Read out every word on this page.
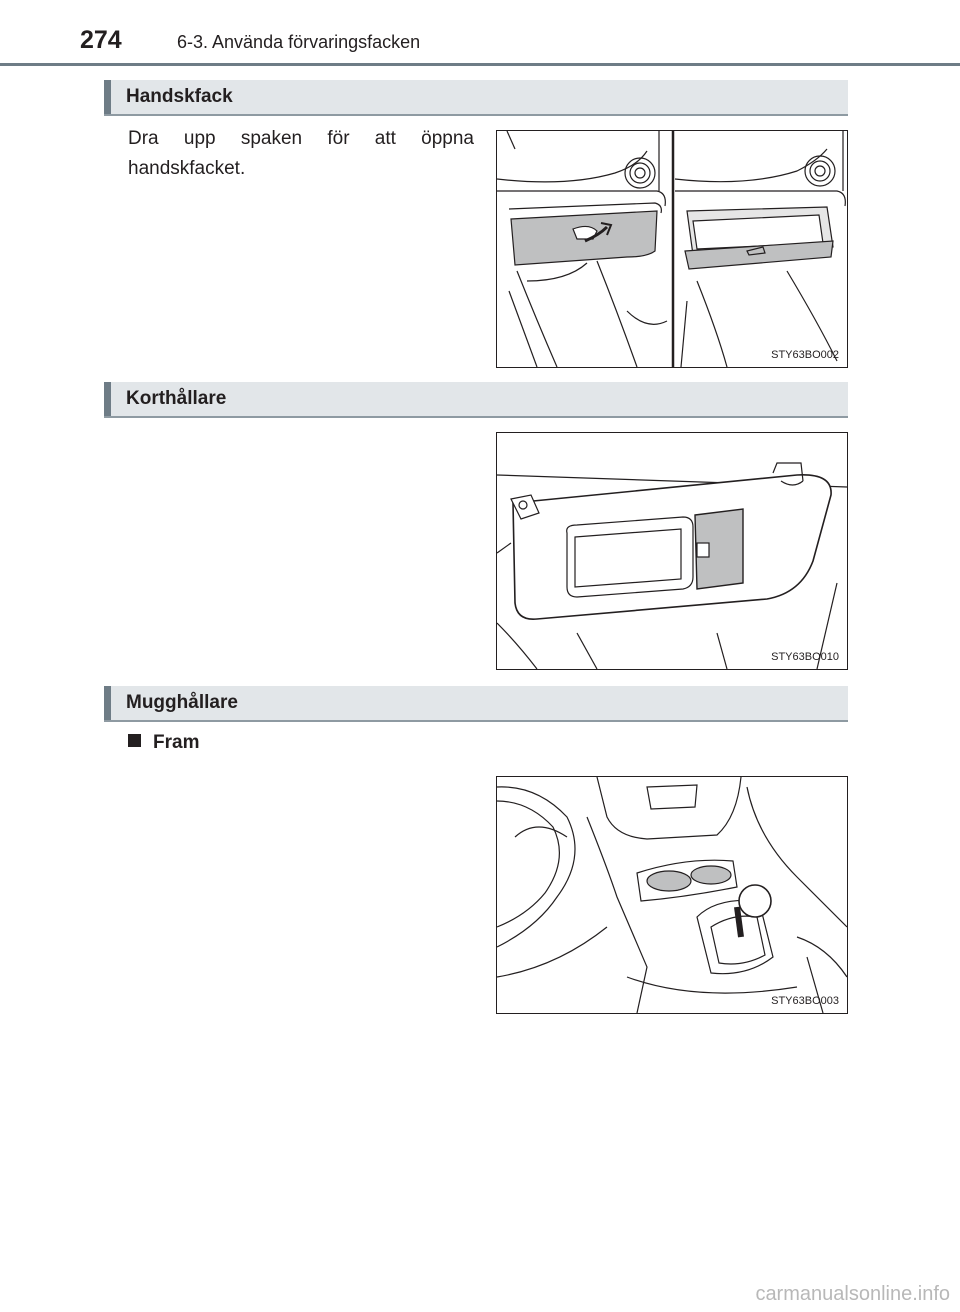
274	6-3. Använda förvaringsfacken
Handskfack
Dra upp spaken för att öppna handskfacket.
STY63BO002
Korthållare
STY63BO010
Mugghållare
Fram
STY63BO003
carmanualsonline.info
